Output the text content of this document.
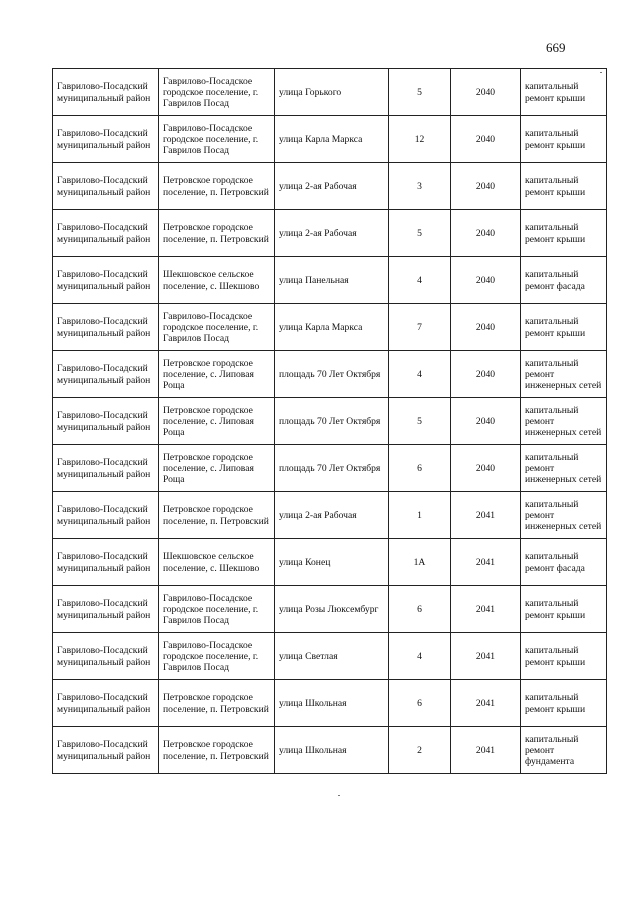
669
Гаврилово-Посадский муниципальный район	Гаврилово-Посадское городское поселение, г. Гаврилов Посад	улица Горького	5	2040	капитальный ремонт крыши
Гаврилово-Посадский муниципальный район	Гаврилово-Посадское городское поселение, г. Гаврилов Посад	улица Карла Маркса	12	2040	капитальный ремонт крыши
Гаврилово-Посадский муниципальный район	Петровское городское поселение, п. Петровский	улица 2-ая Рабочая	3	2040	капитальный ремонт крыши
Гаврилово-Посадский муниципальный район	Петровское городское поселение, п. Петровский	улица 2-ая Рабочая	5	2040	капитальный ремонт крыши
Гаврилово-Посадский муниципальный район	Шекшовское сельское поселение, с. Шекшово	улица Панельная	4	2040	капитальный ремонт фасада
Гаврилово-Посадский муниципальный район	Гаврилово-Посадское городское поселение, г. Гаврилов Посад	улица Карла Маркса	7	2040	капитальный ремонт крыши
Гаврилово-Посадский муниципальный район	Петровское городское поселение, с. Липовая Роща	площадь 70 Лет Октября	4	2040	капитальный ремонт инженерных сетей
Гаврилово-Посадский муниципальный район	Петровское городское поселение, с. Липовая Роща	площадь 70 Лет Октября	5	2040	капитальный ремонт инженерных сетей
Гаврилово-Посадский муниципальный район	Петровское городское поселение, с. Липовая Роща	площадь 70 Лет Октября	6	2040	капитальный ремонт инженерных сетей
Гаврилово-Посадский муниципальный район	Петровское городское поселение, п. Петровский	улица 2-ая Рабочая	1	2041	капитальный ремонт инженерных сетей
Гаврилово-Посадский муниципальный район	Шекшовское сельское поселение, с. Шекшово	улица Конец	1А	2041	капитальный ремонт фасада
Гаврилово-Посадский муниципальный район	Гаврилово-Посадское городское поселение, г. Гаврилов Посад	улица Розы Люксембург	6	2041	капитальный ремонт крыши
Гаврилово-Посадский муниципальный район	Гаврилово-Посадское городское поселение, г. Гаврилов Посад	улица Светлая	4	2041	капитальный ремонт крыши
Гаврилово-Посадский муниципальный район	Петровское городское поселение, п. Петровский	улица Школьная	6	2041	капитальный ремонт крыши
Гаврилово-Посадский муниципальный район	Петровское городское поселение, п. Петровский	улица Школьная	2	2041	капитальный ремонт фундамента
